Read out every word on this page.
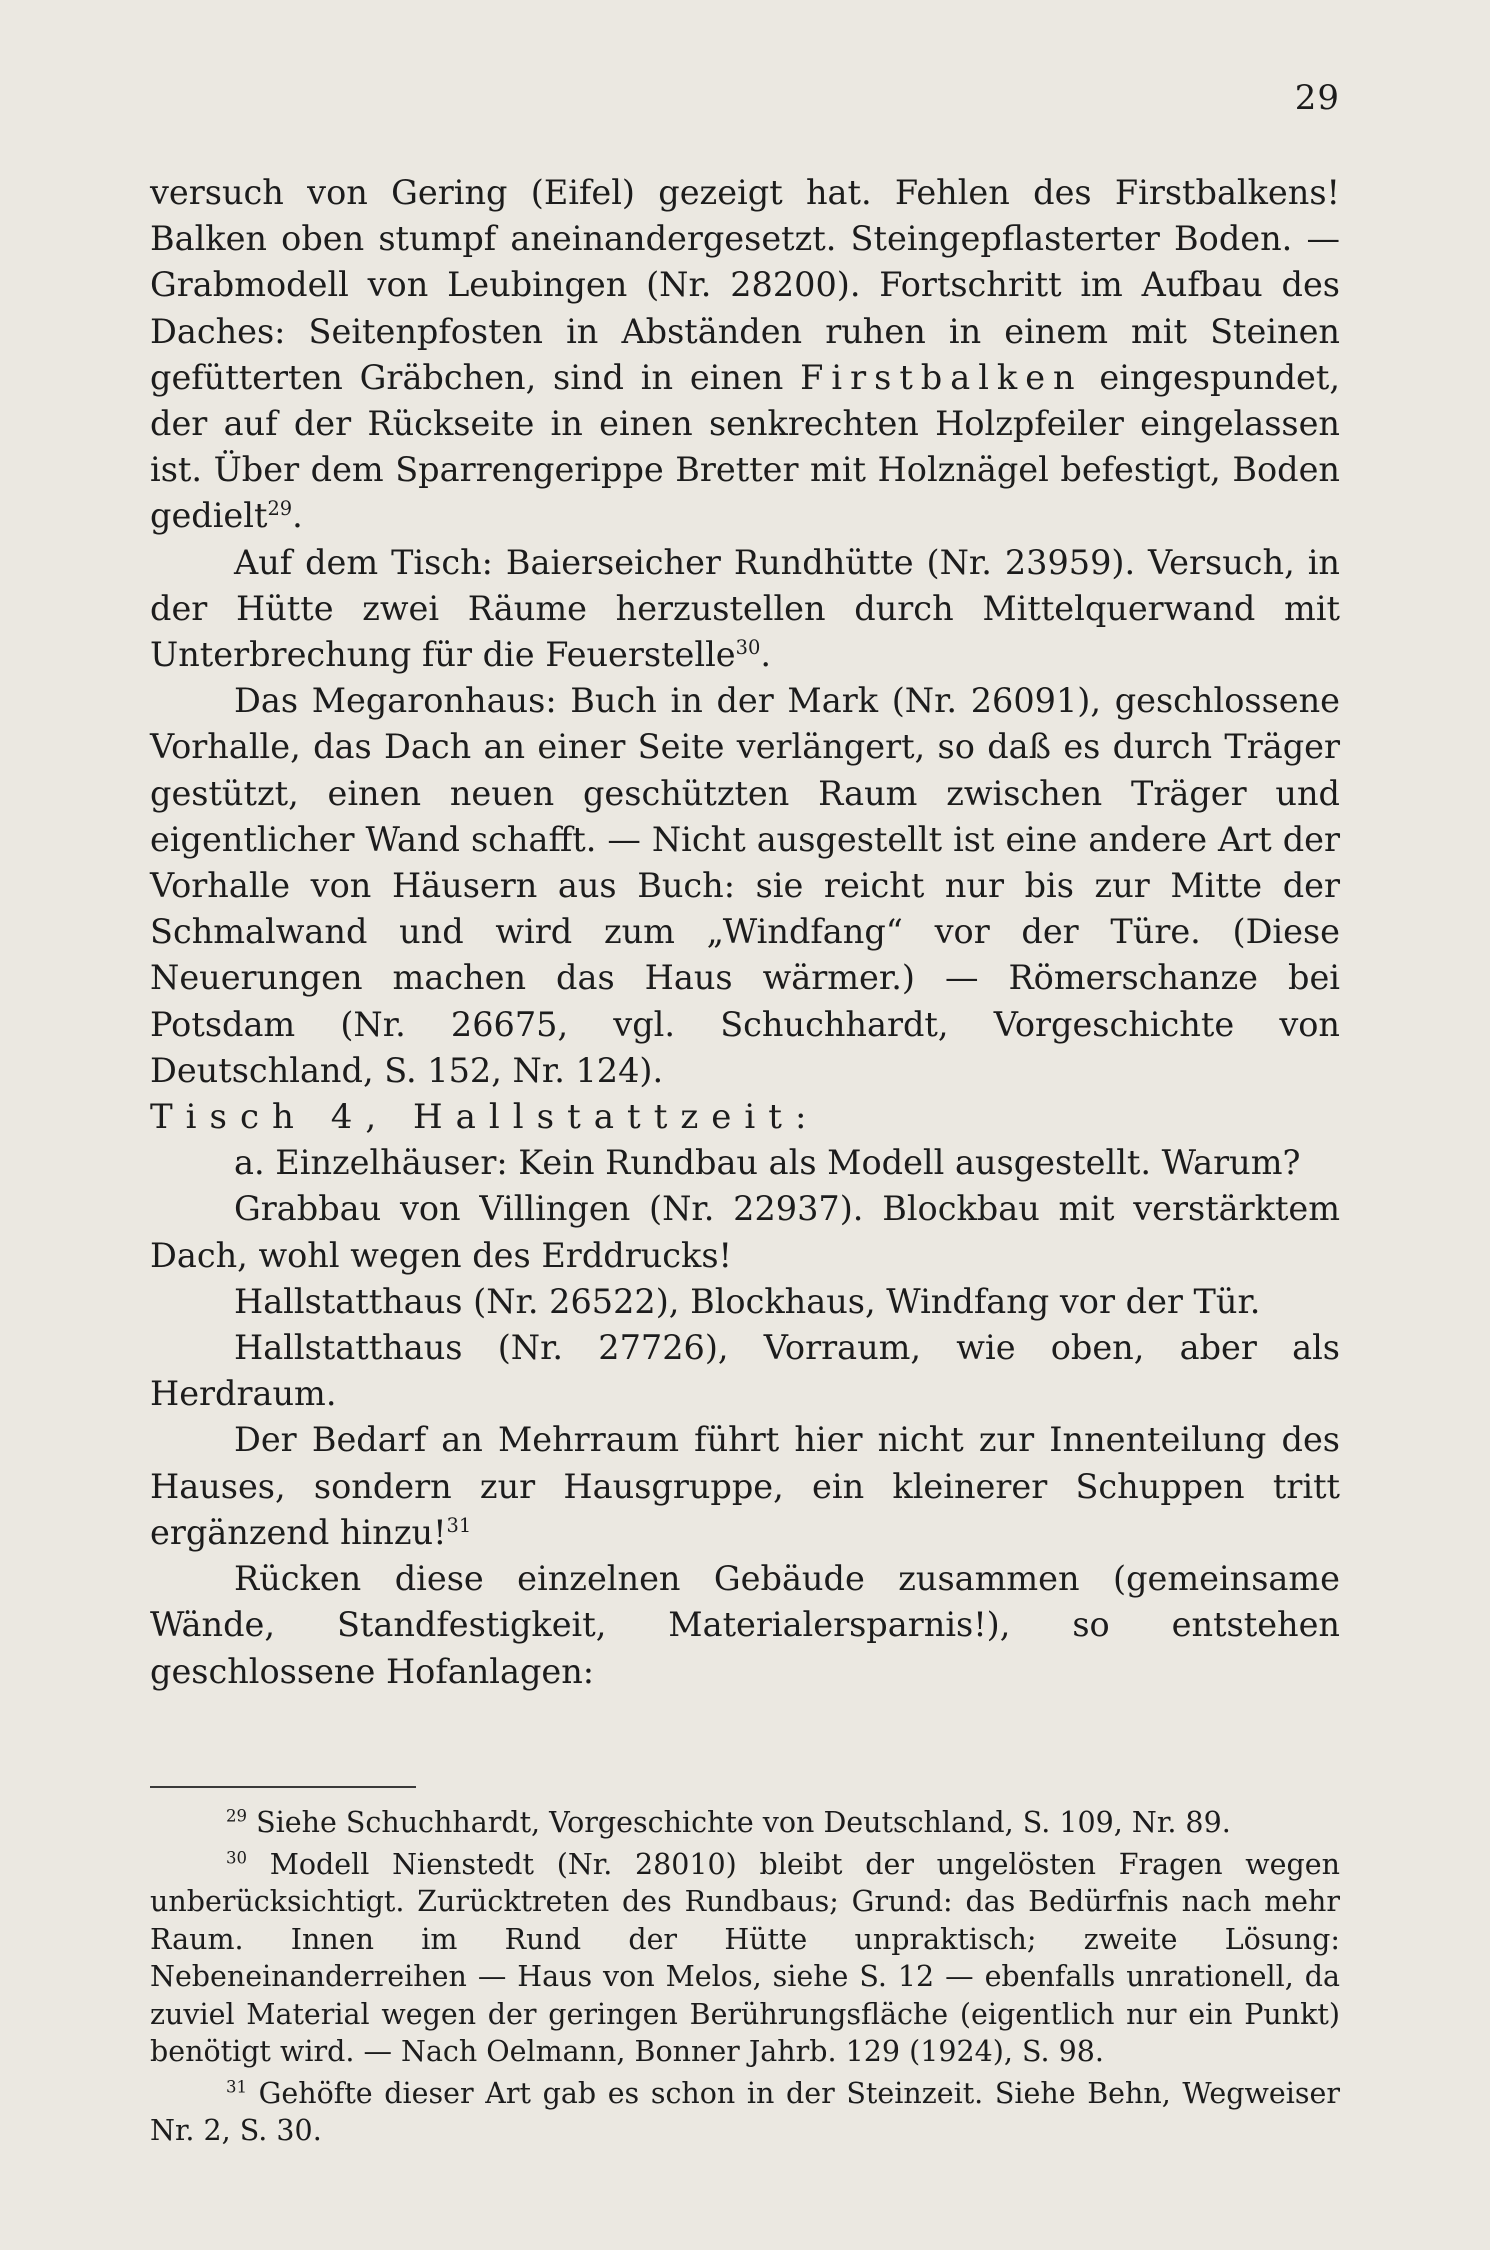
29

versuch von Gering (Eifel) gezeigt hat. Fehlen des Firstbalkens! Balken oben stumpf aneinandergesetzt. Steingepflasterter Boden. — Grabmodell von Leubingen (Nr. 28200). Fortschritt im Aufbau des Daches: Seitenpfosten in Abständen ruhen in einem mit Steinen gefütterten Gräbchen, sind in einen Firstbalken eingespundet, der auf der Rückseite in einen senkrechten Holzpfeiler eingelassen ist. Über dem Sparrengerippe Bretter mit Holznägel befestigt, Boden gedielt$^{29}$.

Auf dem Tisch: Baierseicher Rundhütte (Nr. 23959). Versuch, in der Hütte zwei Räume herzustellen durch Mittelquerwand mit Unterbrechung für die Feuerstelle$^{30}$.

Das Megaronhaus: Buch in der Mark (Nr. 26091), geschlossene Vorhalle, das Dach an einer Seite verlängert, so daß es durch Träger gestützt, einen neuen geschützten Raum zwischen Träger und eigentlicher Wand schafft. — Nicht ausgestellt ist eine andere Art der Vorhalle von Häusern aus Buch: sie reicht nur bis zur Mitte der Schmalwand und wird zum „Windfang“ vor der Türe. (Diese Neuerungen machen das Haus wärmer.) — Römerschanze bei Potsdam (Nr. 26675, vgl. Schuchhardt, Vorgeschichte von Deutschland, S. 152, Nr. 124).

Tisch 4, Hallstattzeit:

a. Einzelhäuser: Kein Rundbau als Modell ausgestellt. Warum?

Grabbau von Villingen (Nr. 22937). Blockbau mit verstärktem Dach, wohl wegen des Erddrucks!

Hallstatthaus (Nr. 26522), Blockhaus, Windfang vor der Tür.

Hallstatthaus (Nr. 27726), Vorraum, wie oben, aber als Herdraum.

Der Bedarf an Mehrraum führt hier nicht zur Innenteilung des Hauses, sondern zur Hausgruppe, ein kleinerer Schuppen tritt ergänzend hinzu!$^{31}$

Rücken diese einzelnen Gebäude zusammen (gemeinsame Wände, Standfestigkeit, Materialersparnis!), so entstehen geschlossene Hofanlagen:

$^{29}$ Siehe Schuchhardt, Vorgeschichte von Deutschland, S. 109, Nr. 89.

$^{30}$ Modell Nienstedt (Nr. 28010) bleibt der ungelösten Fragen wegen unberücksichtigt. Zurücktreten des Rundbaus; Grund: das Bedürfnis nach mehr Raum. Innen im Rund der Hütte unpraktisch; zweite Lösung: Nebeneinanderreihen — Haus von Melos, siehe S. 12 — ebenfalls unrationell, da zuviel Material wegen der geringen Berührungsfläche (eigentlich nur ein Punkt) benötigt wird. — Nach Oelmann, Bonner Jahrb. 129 (1924), S. 98.

$^{31}$ Gehöfte dieser Art gab es schon in der Steinzeit. Siehe Behn, Wegweiser Nr. 2, S. 30.
